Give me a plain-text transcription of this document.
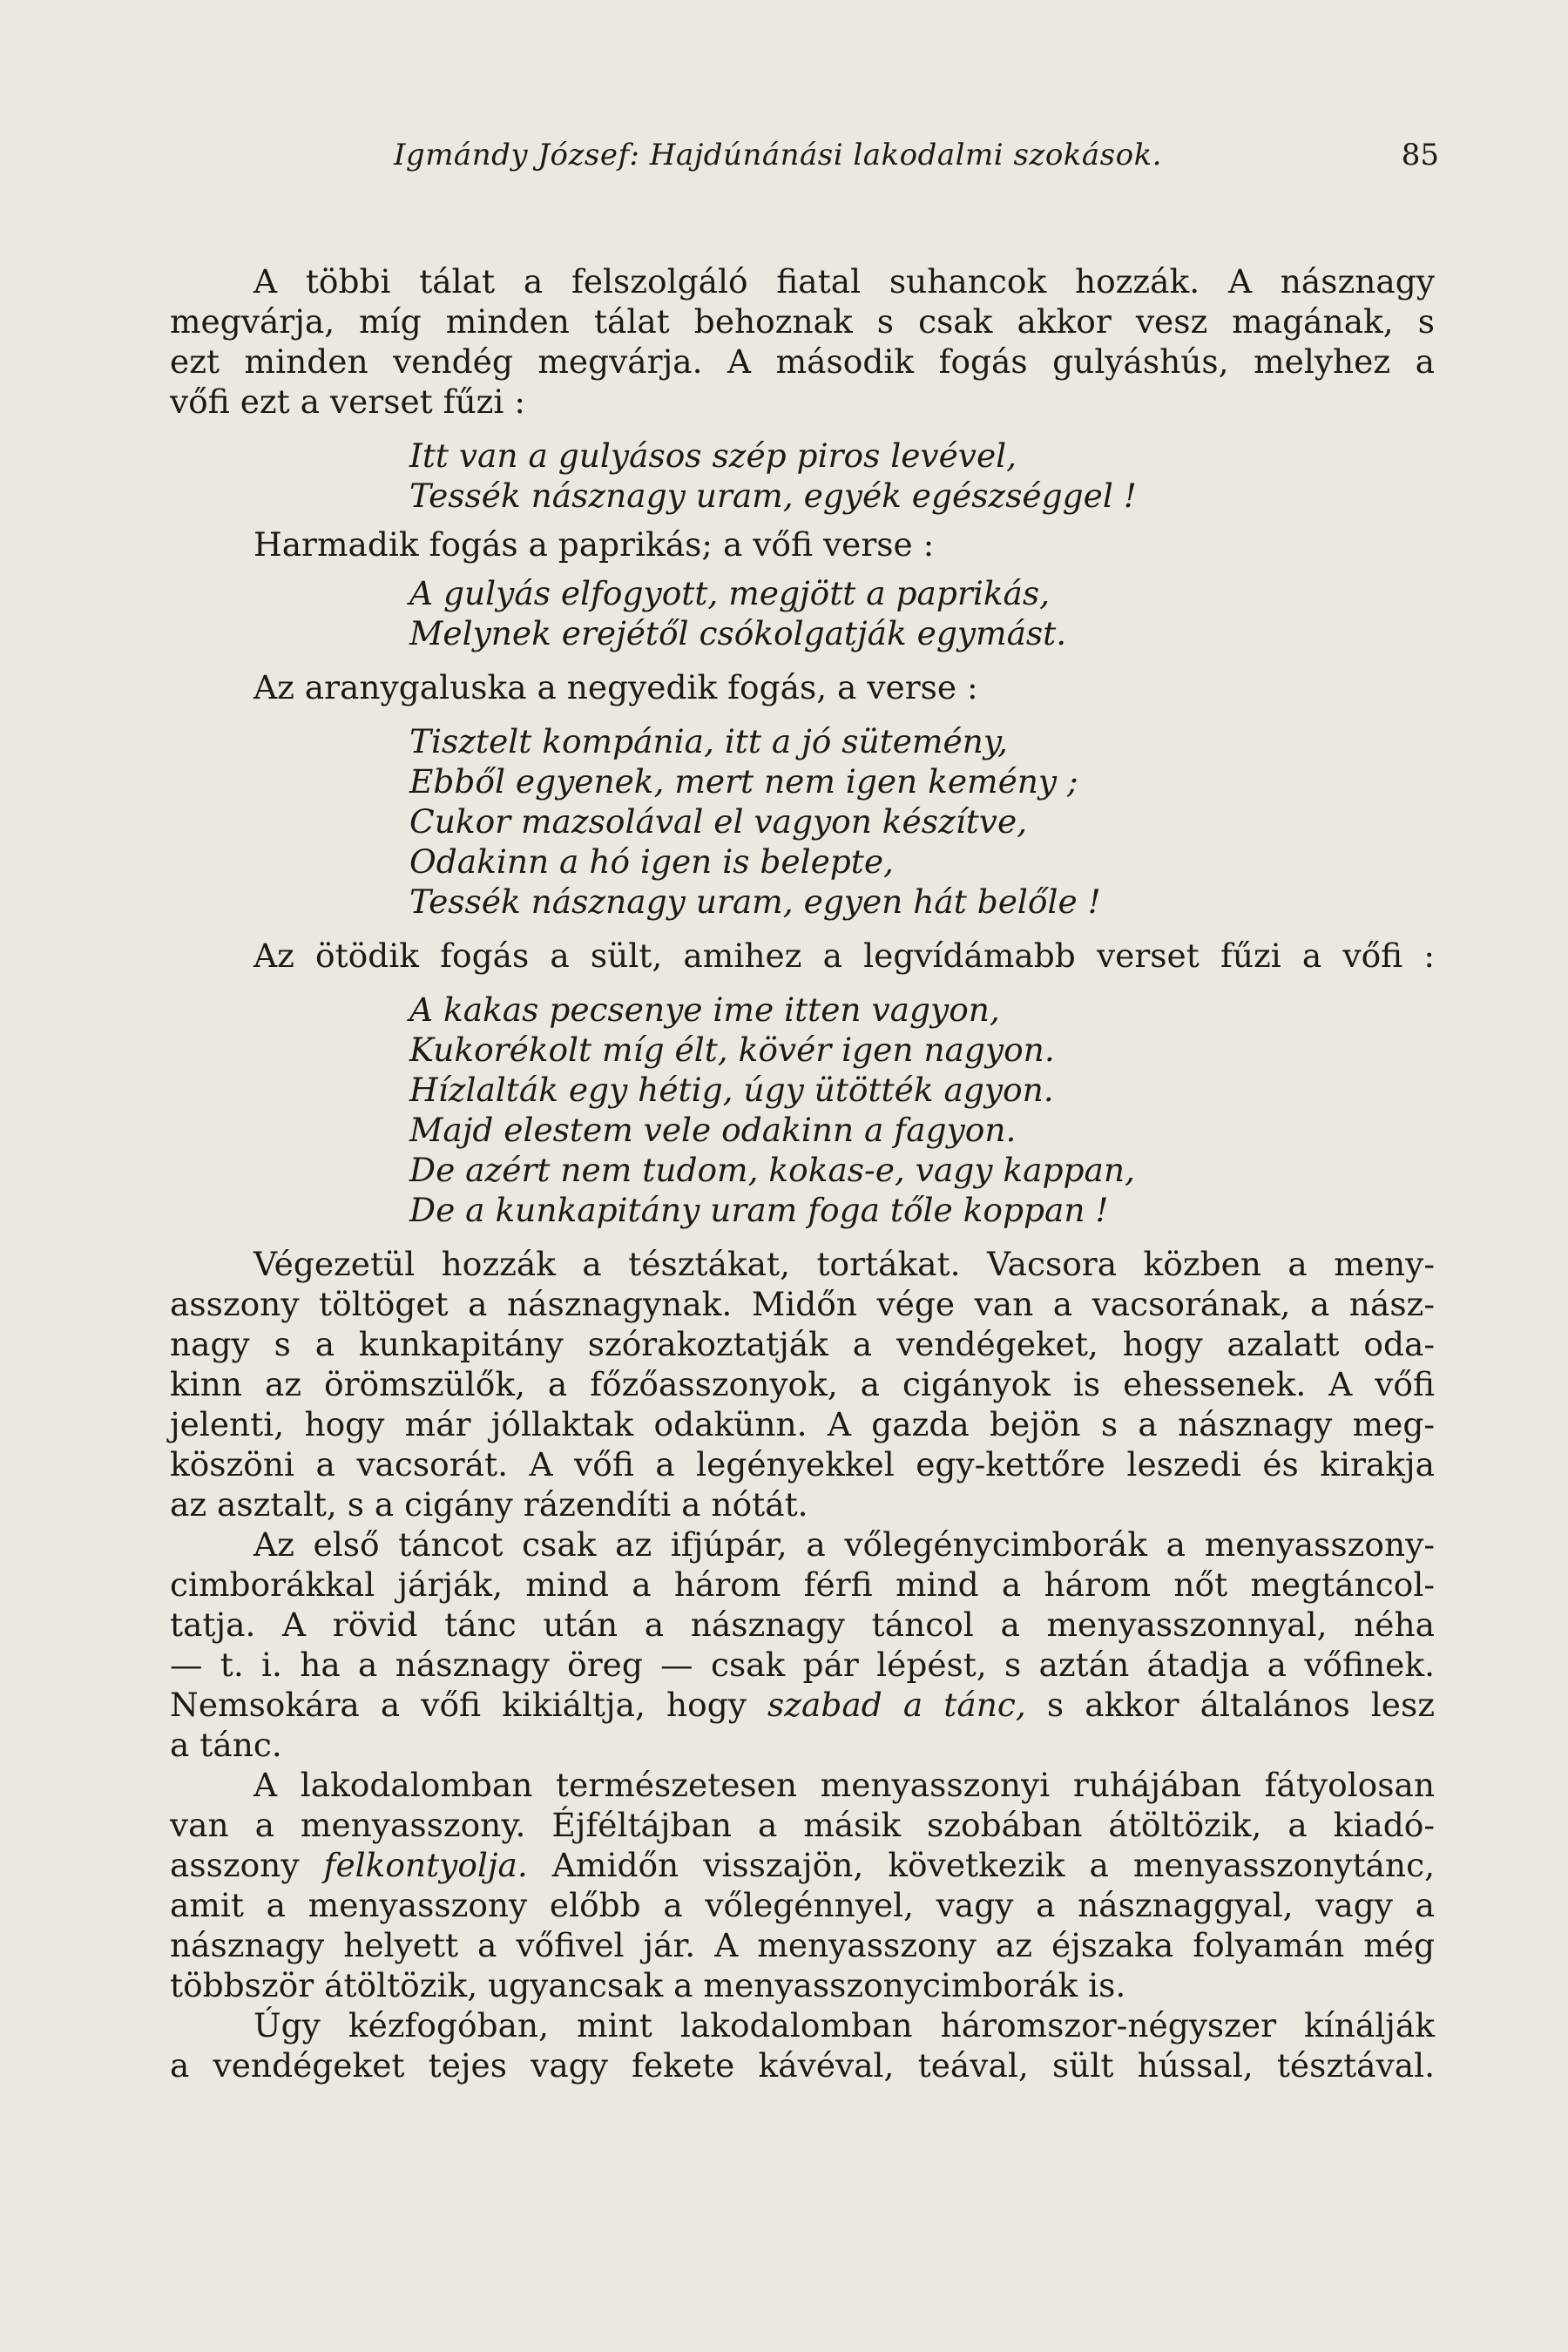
Igmándy József: Hajdúnánási lakodalmi szokások.	85
A többi tálat a felszolgáló fiatal suhancok hozzák. A násznagy
megvárja, míg minden tálat behoznak s csak akkor vesz magának, s
ezt minden vendég megvárja. A második fogás gulyáshús, melyhez a
vőfi ezt a verset fűzi :
Itt van a gulyásos szép piros levével,
Tessék násznagy uram, egyék egészséggel !
Harmadik fogás a paprikás; a vőfi verse :
A gulyás elfogyott, megjött a paprikás,
Melynek erejétől csókolgatják egymást.
Az aranygaluska a negyedik fogás, a verse :
Tisztelt kompánia, itt a jó sütemény,
Ebből egyenek, mert nem igen kemény ;
Cukor mazsolával el vagyon készítve,
Odakinn a hó igen is belepte,
Tessék násznagy uram, egyen hát belőle !
Az ötödik fogás a sült, amihez a legvídámabb verset fűzi a vőfi :
A kakas pecsenye ime itten vagyon,
Kukorékolt míg élt, kövér igen nagyon.
Hízlalták egy hétig, úgy ütötték agyon.
Majd elestem vele odakinn a fagyon.
De azért nem tudom, kokas-e, vagy kappan,
De a kunkapitány uram foga tőle koppan !
Végezetül hozzák a tésztákat, tortákat. Vacsora közben a meny-
asszony töltöget a násznagynak. Midőn vége van a vacsorának, a nász-
nagy s a kunkapitány szórakoztatják a vendégeket, hogy azalatt oda-
kinn az örömszülők, a főzőasszonyok, a cigányok is ehessenek. A vőfi
jelenti, hogy már jóllaktak odakünn. A gazda bejön s a násznagy meg-
köszöni a vacsorát. A vőfi a legényekkel egy-kettőre leszedi és kirakja
az asztalt, s a cigány rázendíti a nótát.
Az első táncot csak az ifjúpár, a vőlegénycimborák a menyasszony-
cimborákkal járják, mind a három férfi mind a három nőt megtáncol-
tatja. A rövid tánc után a násznagy táncol a menyasszonnyal, néha
— t. i. ha a násznagy öreg — csak pár lépést, s aztán átadja a vőfinek.
Nemsokára a vőfi kikiáltja, hogy szabad a tánc, s akkor általános lesz
a tánc.
A lakodalomban természetesen menyasszonyi ruhájában fátyolosan
van a menyasszony. Éjféltájban a másik szobában átöltözik, a kiadó-
asszony felkontyolja. Amidőn visszajön, következik a menyasszonytánc,
amit a menyasszony előbb a vőlegénnyel, vagy a násznaggyal, vagy a
násznagy helyett a vőfivel jár. A menyasszony az éjszaka folyamán még
többször átöltözik, ugyancsak a menyasszonycimborák is.
Úgy kézfogóban, mint lakodalomban háromszor-négyszer kínálják
a vendégeket tejes vagy fekete kávéval, teával, sült hússal, tésztával.
